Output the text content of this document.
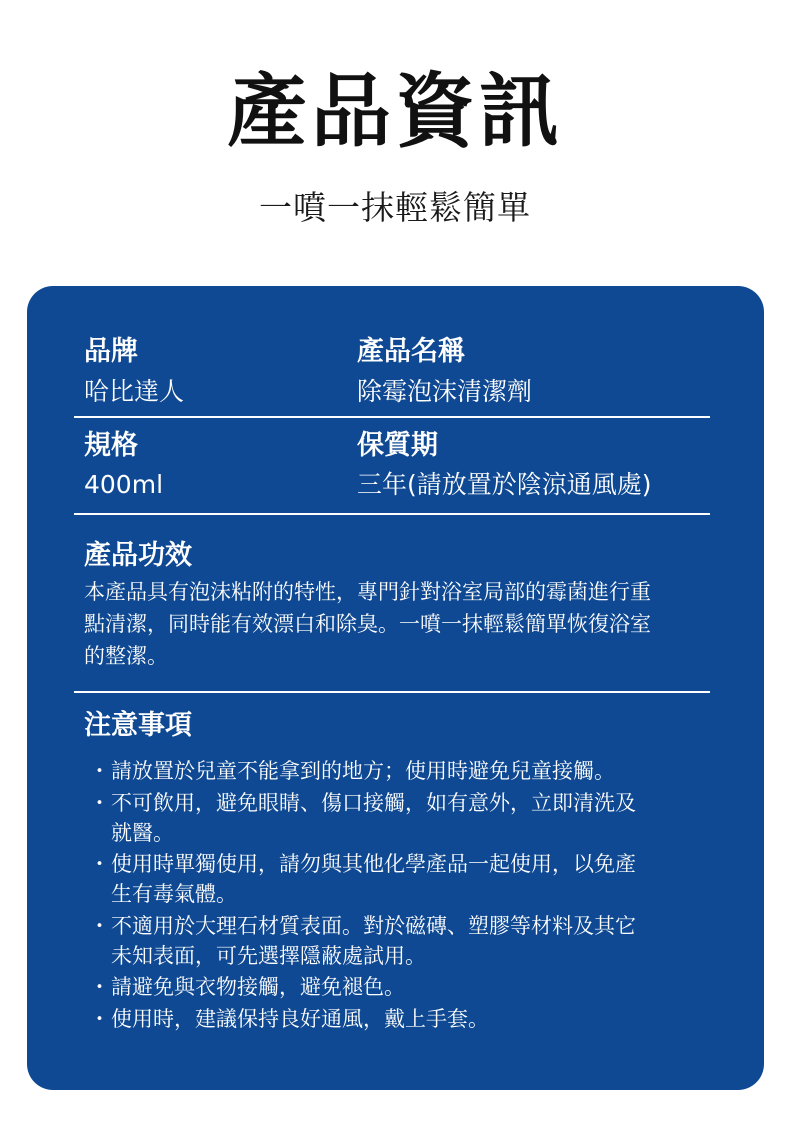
產品資訊
一噴一抹輕鬆簡單
品牌
哈比達人
產品名稱
除霉泡沫清潔劑
規格
400ml
保質期
三年(請放置於陰涼通風處)
產品功效
本產品具有泡沫粘附的特性，專門針對浴室局部的霉菌進行重
點清潔，同時能有效漂白和除臭。一噴一抹輕鬆簡單恢復浴室
的整潔。
注意事項
・ 請放置於兒童不能拿到的地方；使用時避免兒童接觸。
・ 不可飲用，避免眼睛、傷口接觸，如有意外，立即清洗及
就醫。
・ 使用時單獨使用，請勿與其他化學產品一起使用，以免產
生有毒氣體。
・ 不適用於大理石材質表面。對於磁磚、塑膠等材料及其它
未知表面，可先選擇隱蔽處試用。
・ 請避免與衣物接觸，避免褪色。
・ 使用時，建議保持良好通風，戴上手套。
